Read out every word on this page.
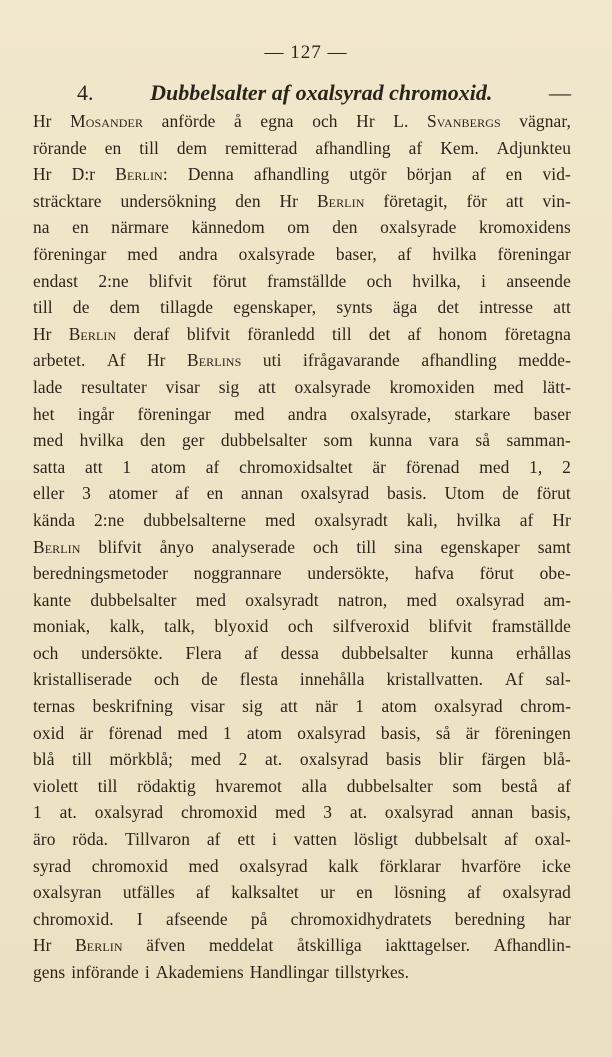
— 127 —
4.	Dubbelsalter af oxalsyrad chromoxid.	—
Hr Mosander anförde å egna och Hr L. Svanbergs vägnar,
rörande en till dem remitterad afhandling af Kem. Adjunkteu
Hr D:r Berlin: Denna afhandling utgör början af en vid-
sträcktare undersökning den Hr Berlin företagit, för att vin-
na en närmare kännedom om den oxalsyrade kromoxidens
föreningar med andra oxalsyrade baser, af hvilka föreningar
endast 2:ne blifvit förut framställde och hvilka, i anseende
till de dem tillagde egenskaper, synts äga det intresse att
Hr Berlin deraf blifvit föranledd till det af honom företagna
arbetet. Af Hr Berlins uti ifrågavarande afhandling medde-
lade resultater visar sig att oxalsyrade kromoxiden med lätt-
het ingår föreningar med andra oxalsyrade, starkare baser
med hvilka den ger dubbelsalter som kunna vara så samman-
satta att 1 atom af chromoxidsaltet är förenad med 1, 2
eller 3 atomer af en annan oxalsyrad basis. Utom de förut
kända 2:ne dubbelsalterne med oxalsyradt kali, hvilka af Hr
Berlin blifvit ånyo analyserade och till sina egenskaper samt
beredningsmetoder noggrannare undersökte, hafva förut obe-
kante dubbelsalter med oxalsyradt natron, med oxalsyrad am-
moniak, kalk, talk, blyoxid och silfveroxid blifvit framställde
och undersökte. Flera af dessa dubbelsalter kunna erhållas
kristalliserade och de flesta innehålla kristallvatten. Af sal-
ternas beskrifning visar sig att när 1 atom oxalsyrad chrom-
oxid är förenad med 1 atom oxalsyrad basis, så är föreningen
blå till mörkblå; med 2 at. oxalsyrad basis blir färgen blå-
violett till rödaktig hvaremot alla dubbelsalter som bestå af
1 at. oxalsyrad chromoxid med 3 at. oxalsyrad annan basis,
äro röda. Tillvaron af ett i vatten lösligt dubbelsalt af oxal-
syrad chromoxid med oxalsyrad kalk förklarar hvarföre icke
oxalsyran utfälles af kalksaltet ur en lösning af oxalsyrad
chromoxid. I afseende på chromoxidhydratets beredning har
Hr Berlin äfven meddelat åtskilliga iakttagelser. Afhandlin-
gens införande i Akademiens Handlingar tillstyrkes.
